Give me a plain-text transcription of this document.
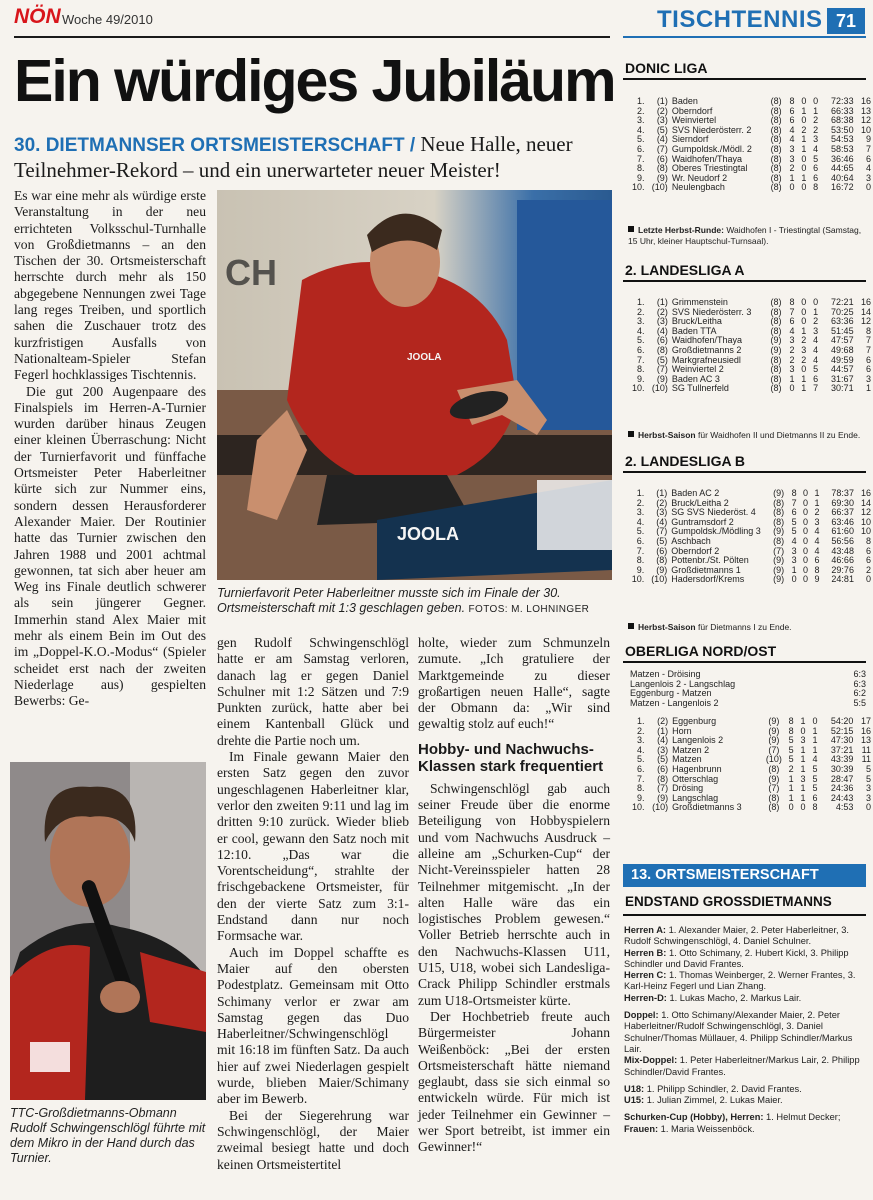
NÖN Woche 49/2010	TISCHTENNIS 71
Ein würdiges Jubiläum
30. DIETMANNSER ORTSMEISTERSCHAFT / Neue Halle, neuer Teilnehmer-Rekord – und ein unerwarteter neuer Meister!

Es war eine mehr als würdige erste Veranstaltung in der neu errichteten Volksschul-Turnhalle von Großdietmanns – an den Tischen der 30. Ortsmeisterschaft herrschte durch mehr als 150 abgegebene Nennungen zwei Tage lang reges Treiben, und sportlich sahen die Zuschauer trotz des kurzfristigen Ausfalls von Nationalteam-Spieler Stefan Fegerl hochklassiges Tischtennis.

Die gut 200 Augenpaare des Finalspiels im Herren-A-Turnier wurden darüber hinaus Zeugen einer kleinen Überraschung: Nicht der Turnierfavorit und fünffache Ortsmeister Peter Haberleitner kürte sich zur Nummer eins, sondern dessen Herausforderer Alexander Maier. Der Routinier hatte das Turnier zwischen den Jahren 1988 und 2001 achtmal gewonnen, tat sich aber heuer am Weg ins Finale deutlich schwerer als sein jüngerer Gegner. Immerhin stand Alex Maier mit mehr als einem Bein im Out des im „Doppel-K.O.-Modus“ (Spieler scheidet erst nach der zweiten Niederlage aus) gespielten Bewerbs: Ge-

CH
JOOLA
JOOLA
Turnierfavorit Peter Haberleitner musste sich im Finale der 30. Ortsmeisterschaft mit 1:3 geschlagen geben. FOTOS: M. LOHNINGER
TTC-Großdietmanns-Obmann Rudolf Schwingenschlögl führte mit dem Mikro in der Hand durch das Turnier.

gen Rudolf Schwingenschlögl hatte er am Samstag verloren, danach lag er gegen Daniel Schulner mit 1:2 Sätzen und 7:9 Punkten zurück, hatte aber bei einem Kantenball Glück und drehte die Partie noch um.

Im Finale gewann Maier den ersten Satz gegen den zuvor ungeschlagenen Haberleitner klar, verlor den zweiten 9:11 und lag im dritten 9:10 zurück. Wieder blieb er cool, gewann den Satz noch mit 12:10. „Das war die Vorentscheidung“, strahlte der frischgebackene Ortsmeister, für den der vierte Satz zum 3:1-Endstand dann nur noch Formsache war.

Auch im Doppel schaffte es Maier auf den obersten Podestplatz. Gemeinsam mit Otto Schimany verlor er zwar am Samstag gegen das Duo Haberleitner/Schwingenschlögl mit 16:18 im fünften Satz. Da auch hier auf zwei Niederlagen gespielt wurde, blieben Maier/Schimany aber im Bewerb.

Bei der Siegerehrung war Schwingenschlögl, der Maier zweimal besiegt hatte und doch keinen Ortsmeistertitel

holte, wieder zum Schmunzeln zumute. „Ich gratuliere der Marktgemeinde zu dieser großartigen neuen Halle“, sagte der Obmann da: „Wir sind gewaltig stolz auf euch!“

Hobby- und Nachwuchs-Klassen stark frequentiert

Schwingenschlögl gab auch seiner Freude über die enorme Beteiligung von Hobbyspielern und vom Nachwuchs Ausdruck – alleine am „Schurken-Cup“ der Nicht-Vereinsspieler hatten 28 Teilnehmer mitgemischt. „In der alten Halle wäre das ein logistisches Problem gewesen.“ Voller Betrieb herrschte auch in den Nachwuchs-Klassen U11, U15, U18, wobei sich Landesliga-Crack Philipp Schindler erstmals zum U18-Ortsmeister kürte.

Der Hochbetrieb freute auch Bürgermeister Johann Weißenböck: „Bei der ersten Ortsmeisterschaft hätte niemand geglaubt, dass sie sich einmal so entwickeln würde. Für mich ist jeder Teilnehmer ein Gewinner – wer Sport betreibt, ist immer ein Gewinner!“

DONIC LIGA
1.	(1)	Baden	(8)	8	0	0	72:33	16
2.	(2)	Oberndorf	(8)	6	1	1	66:33	13
3.	(3)	Weinviertel	(8)	6	0	2	68:38	12
4.	(5)	SVS Niederösterr. 2	(8)	4	2	2	53:50	10
5.	(4)	Sierndorf	(8)	4	1	3	54:53	9
6.	(7)	Gumpoldsk./Mödl. 2	(8)	3	1	4	58:53	7
7.	(6)	Waidhofen/Thaya	(8)	3	0	5	36:46	6
8.	(8)	Oberes Triestingtal	(8)	2	0	6	44:65	4
9.	(9)	Wr. Neudorf 2	(8)	1	1	6	40:64	3
10.	(10)	Neulengbach	(8)	0	0	8	16:72	0
Letzte Herbst-Runde: Waidhofen I - Triestingtal (Samstag, 15 Uhr, kleiner Hauptschul-Turnsaal).
2. LANDESLIGA A
1.	(1)	Grimmenstein	(8)	8	0	0	72:21	16
2.	(2)	SVS Niederösterr. 3	(8)	7	0	1	70:25	14
3.	(3)	Bruck/Leitha	(8)	6	0	2	63:36	12
4.	(4)	Baden TTA	(8)	4	1	3	51:45	8
5.	(6)	Waidhofen/Thaya	(9)	3	2	4	47:57	7
6.	(8)	Großdietmanns 2	(9)	2	3	4	49:68	7
7.	(5)	Markgrafneusiedl	(8)	2	2	4	49:59	6
8.	(7)	Weinviertel 2	(8)	3	0	5	44:57	6
9.	(9)	Baden AC 3	(8)	1	1	6	31:67	3
10.	(10)	SG Tullnerfeld	(8)	0	1	7	30:71	1
Herbst-Saison für Waidhofen II und Dietmanns II zu Ende.
2. LANDESLIGA B
1.	(1)	Baden AC 2	(9)	8	0	1	78:37	16
2.	(2)	Bruck/Leitha 2	(8)	7	0	1	69:30	14
3.	(3)	SG SVS Niederöst. 4	(8)	6	0	2	66:37	12
4.	(4)	Guntramsdorf 2	(8)	5	0	3	63:46	10
5.	(7)	Gumpoldsk./Mödling 3	(9)	5	0	4	61:60	10
6.	(5)	Aschbach	(8)	4	0	4	56:56	8
7.	(6)	Oberndorf 2	(7)	3	0	4	43:48	6
8.	(8)	Pottenbr./St. Pölten	(9)	3	0	6	46:66	6
9.	(9)	Großdietmanns 1	(9)	1	0	8	29:76	2
10.	(10)	Hadersdorf/Krems	(9)	0	0	9	24:81	0
Herbst-Saison für Dietmanns I zu Ende.
OBERLIGA NORD/OST
Matzen - Dröising	6:3
Langenlois 2 - Langschlag	6:3
Eggenburg - Matzen	6:2
Matzen - Langenlois 2	5:5
1.	(2)	Eggenburg	(9)	8	1	0	54:20	17
2.	(1)	Horn	(9)	8	0	1	52:15	16
3.	(4)	Langenlois 2	(9)	5	3	1	47:30	13
4.	(3)	Matzen 2	(7)	5	1	1	37:21	11
5.	(5)	Matzen	(10)	5	1	4	43:39	11
6.	(6)	Hagenbrunn	(8)	2	1	5	30:39	5
7.	(8)	Otterschlag	(9)	1	3	5	28:47	5
8.	(7)	Drösing	(7)	1	1	5	24:36	3
9.	(9)	Langschlag	(8)	1	1	6	24:43	3
10.	(10)	Großdietmanns 3	(8)	0	0	8	4:53	0
13. ORTSMEISTERSCHAFT
ENDSTAND GROSSDIETMANNS

Herren A: 1. Alexander Maier, 2. Peter Haberleitner, 3. Rudolf Schwingenschlögl, 4. Daniel Schulner.
Herren B: 1. Otto Schimany, 2. Hubert Kickl, 3. Philipp Schindler und David Frantes.
Herren C: 1. Thomas Weinberger, 2. Werner Frantes, 3. Karl-Heinz Fegerl und Lian Zhang.
Herren-D: 1. Lukas Macho, 2. Markus Lair.

Doppel: 1. Otto Schimany/Alexander Maier, 2. Peter Haberleitner/Rudolf Schwingenschlögl, 3. Daniel Schulner/Thomas Müllauer, 4. Philipp Schindler/Markus Lair.
Mix-Doppel: 1. Peter Haberleitner/Markus Lair, 2. Philipp Schindler/David Frantes.

U18: 1. Philipp Schindler, 2. David Frantes.
U15: 1. Julian Zimmel, 2. Lukas Maier.

Schurken-Cup (Hobby), Herren: 1. Helmut Decker;
Frauen: 1. Maria Weissenböck.
